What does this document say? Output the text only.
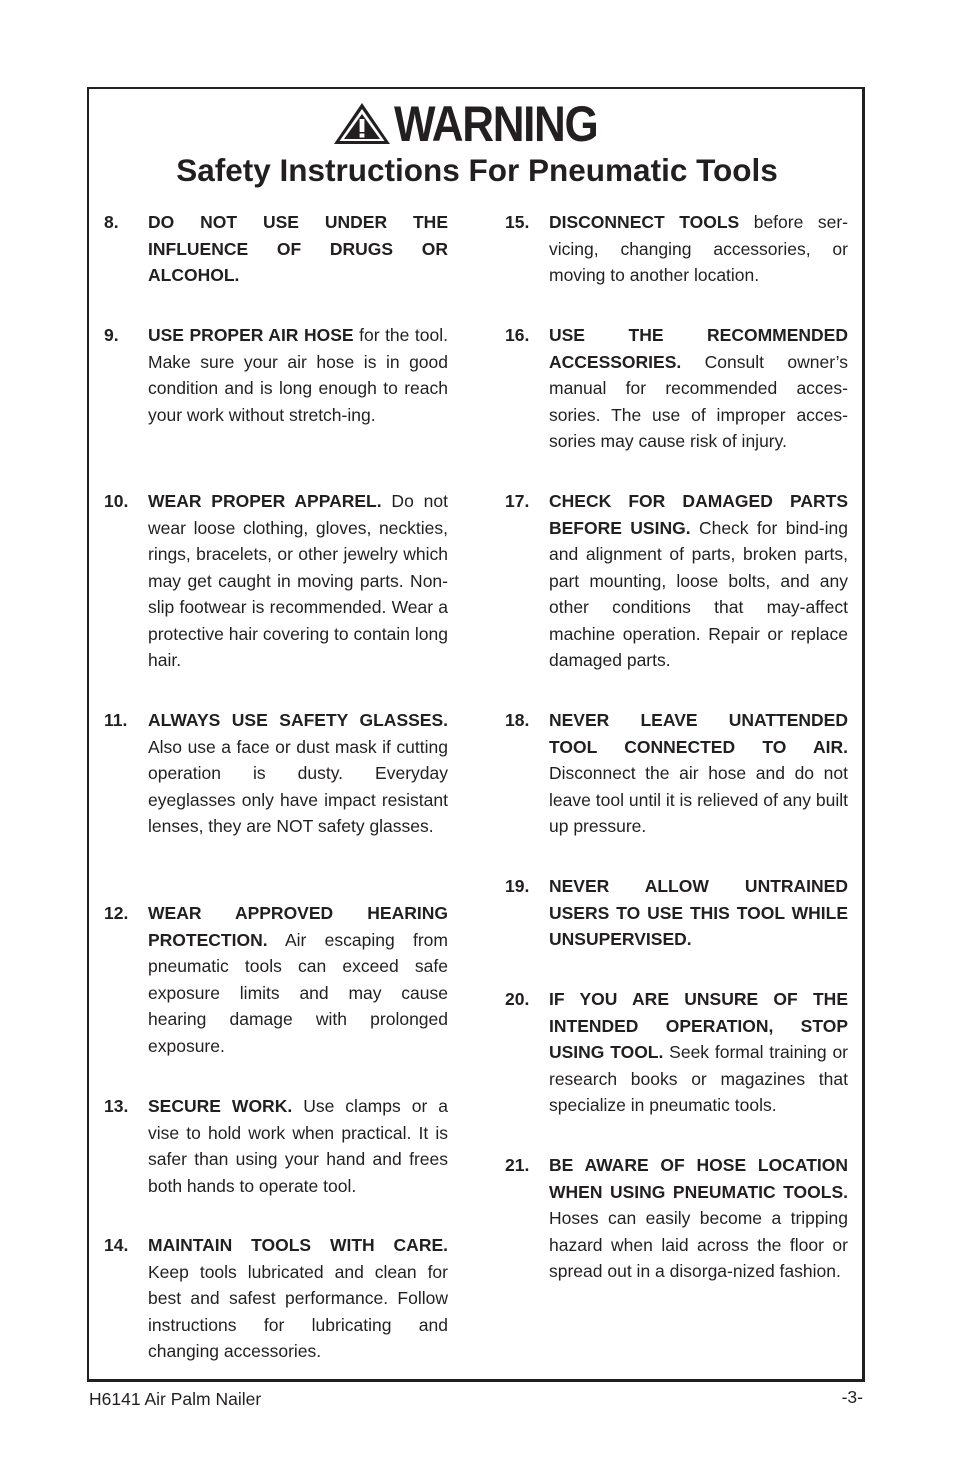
WARNING
Safety Instructions For Pneumatic Tools
8. DO NOT USE UNDER THE INFLUENCE OF DRUGS OR ALCOHOL.
9. USE PROPER AIR HOSE for the tool. Make sure your air hose is in good condition and is long enough to reach your work without stretch-ing.
10. WEAR PROPER APPAREL. Do not wear loose clothing, gloves, neckties, rings, bracelets, or other jewelry which may get caught in moving parts. Non-slip footwear is recommended. Wear a protective hair covering to contain long hair.
11. ALWAYS USE SAFETY GLASSES. Also use a face or dust mask if cutting operation is dusty. Everyday eyeglasses only have impact resistant lenses, they are NOT safety glasses.
12. WEAR APPROVED HEARING PROTECTION. Air escaping from pneumatic tools can exceed safe exposure limits and may cause hearing damage with prolonged exposure.
13. SECURE WORK. Use clamps or a vise to hold work when practical. It is safer than using your hand and frees both hands to operate tool.
14. MAINTAIN TOOLS WITH CARE. Keep tools lubricated and clean for best and safest performance. Follow instructions for lubricating and changing accessories.
15. DISCONNECT TOOLS before ser-vicing, changing accessories, or moving to another location.
16. USE THE RECOMMENDED ACCESSORIES. Consult owner’s manual for recommended acces-sories. The use of improper acces-sories may cause risk of injury.
17. CHECK FOR DAMAGED PARTS BEFORE USING. Check for bind-ing and alignment of parts, broken parts, part mounting, loose bolts, and any other conditions that may-affect machine operation. Repair or replace damaged parts.
18. NEVER LEAVE UNATTENDED TOOL CONNECTED TO AIR. Disconnect the air hose and do not leave tool until it is relieved of any built up pressure.
19. NEVER ALLOW UNTRAINED USERS TO USE THIS TOOL WHILE UNSUPERVISED.
20. IF YOU ARE UNSURE OF THE INTENDED OPERATION, STOP USING TOOL. Seek formal training or research books or magazines that specialize in pneumatic tools.
21. BE AWARE OF HOSE LOCATION WHEN USING PNEUMATIC TOOLS. Hoses can easily become a tripping hazard when laid across the floor or spread out in a disorga-nized fashion.
H6141 Air Palm Nailer	-3-
